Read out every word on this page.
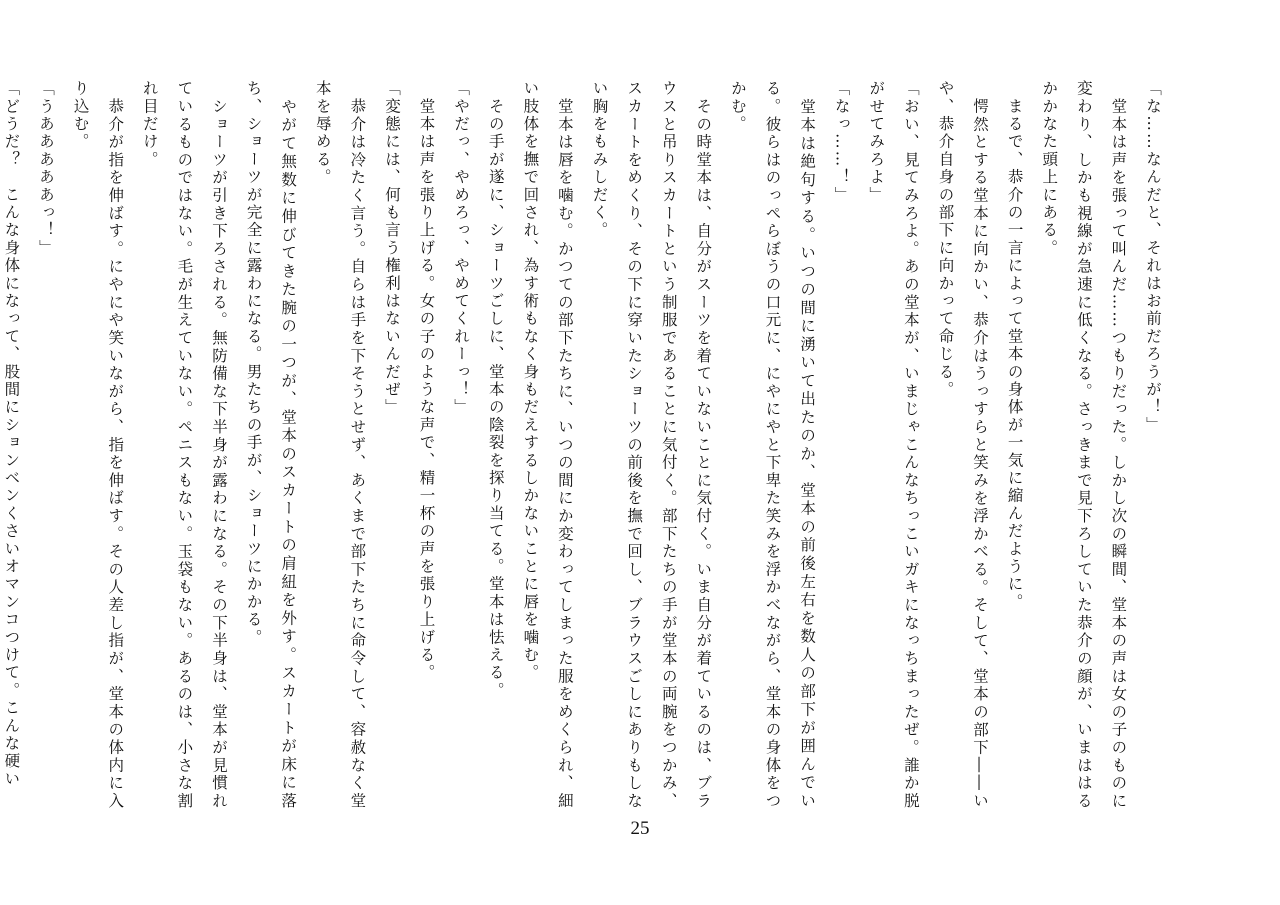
「な……なんだと、それはお前だろうが！」

　堂本は声を張って叫んだ……つもりだった。しかし次の瞬間、堂本の声は女の子のものに変わり、しかも視線が急速に低くなる。さっきまで見下ろしていた恭介の顔が、いまははるかかなた頭上にある。

　まるで、恭介の一言によって堂本の身体が一気に縮んだように。

　愕然とする堂本に向かい、恭介はうっすらと笑みを浮かべる。そして、堂本の部下――いや、恭介自身の部下に向かって命じる。

「おい、見てみろよ。あの堂本が、いまじゃこんなちっこいガキになっちまったぜ。誰か脱がせてみろよ」

「なっ……！」

　堂本は絶句する。いつの間に湧いて出たのか、堂本の前後左右を数人の部下が囲んでいる。彼らはのっぺらぼうの口元に、にやにやと下卑た笑みを浮かべながら、堂本の身体をつかむ。

　その時堂本は、自分がスーツを着ていないことに気付く。いま自分が着ているのは、ブラウスと吊りスカートという制服であることに気付く。部下たちの手が堂本の両腕をつかみ、スカートをめくり、その下に穿いたショーツの前後を撫で回し、ブラウスごしにありもしない胸をもみしだく。

　堂本は唇を噛む。かつての部下たちに、いつの間にか変わってしまった服をめくられ、細い肢体を撫で回され、為す術もなく身もだえするしかないことに唇を噛む。

　その手が遂に、ショーツごしに、堂本の陰裂を探り当てる。堂本は怯える。

「やだっ、やめろっ、やめてくれーっ！」

　堂本は声を張り上げる。女の子のような声で、精一杯の声を張り上げる。

「変態には、何も言う権利はないんだぜ」

　恭介は冷たく言う。自らは手を下そうとせず、あくまで部下たちに命令して、容赦なく堂本を辱める。

　やがて無数に伸びてきた腕の一つが、堂本のスカートの肩紐を外す。スカートが床に落ち、ショーツが完全に露わになる。男たちの手が、ショーツにかかる。

　ショーツが引き下ろされる。無防備な下半身が露わになる。その下半身は、堂本が見慣れているものではない。毛が生えていない。ペニスもない。玉袋もない。あるのは、小さな割れ目だけ。

　恭介が指を伸ばす。にやにや笑いながら、指を伸ばす。その人差し指が、堂本の体内に入り込む。

「うあああああっ！」

「どうだ？　こんな身体になって、股間にションベンくさいオマンコつけて。こんな硬い

25
